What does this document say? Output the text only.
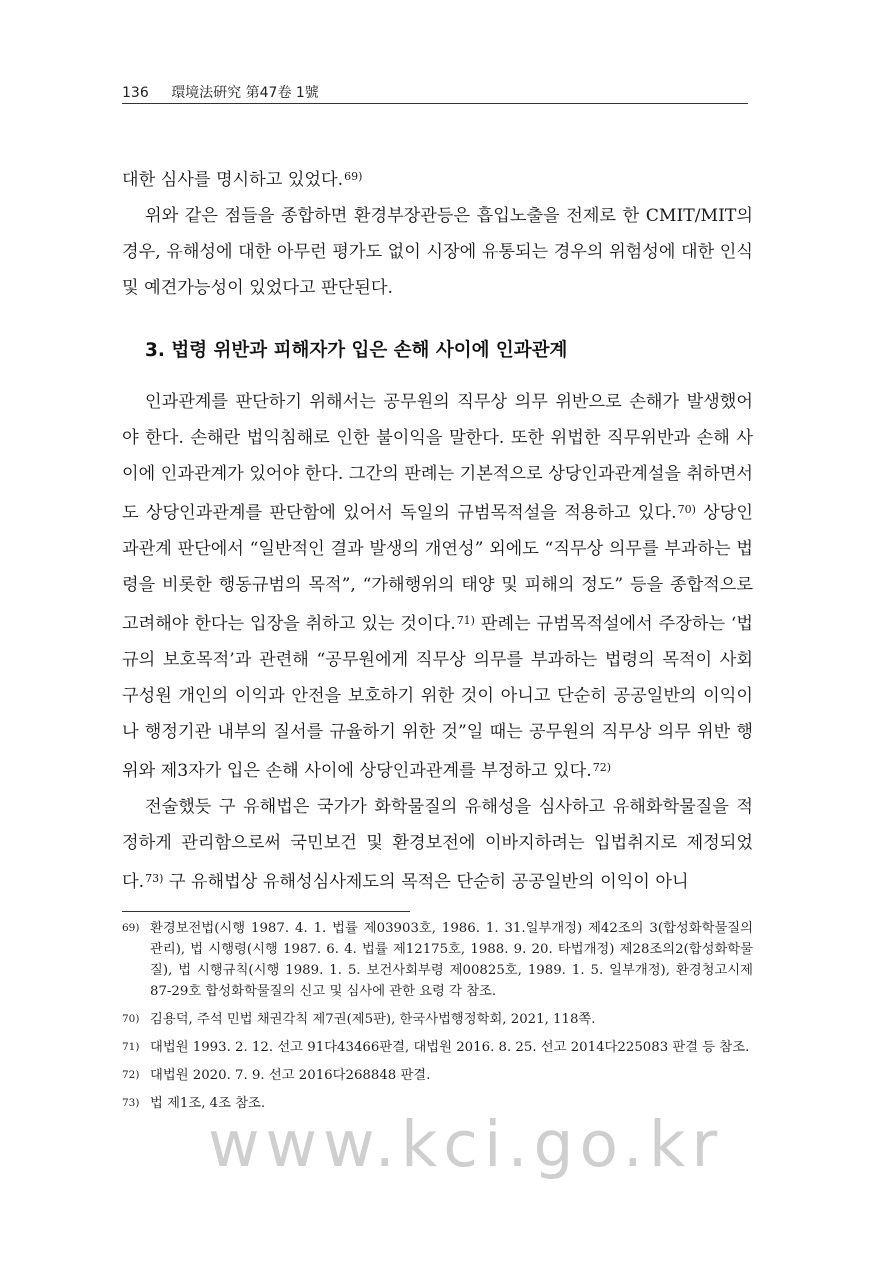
136 環境法硏究 第47卷 1號

대한 심사를 명시하고 있었다.$^{69)}$

위와 같은 점들을 종합하면 환경부장관등은 흡입노출을 전제로 한 CMIT/MIT의 경우, 유해성에 대한 아무런 평가도 없이 시장에 유통되는 경우의 위험성에 대한 인식 및 예견가능성이 있었다고 판단된다.

3. 법령 위반과 피해자가 입은 손해 사이에 인과관계

인과관계를 판단하기 위해서는 공무원의 직무상 의무 위반으로 손해가 발생했어야 한다. 손해란 법익침해로 인한 불이익을 말한다. 또한 위법한 직무위반과 손해 사이에 인과관계가 있어야 한다. 그간의 판례는 기본적으로 상당인과관계설을 취하면서도 상당인과관계를 판단함에 있어서 독일의 규범목적설을 적용하고 있다.$^{70)}$ 상당인과관계 판단에서 “일반적인 결과 발생의 개연성” 외에도 “직무상 의무를 부과하는 법령을 비롯한 행동규범의 목적”, “가해행위의 태양 및 피해의 정도” 등을 종합적으로 고려해야 한다는 입장을 취하고 있는 것이다.$^{71)}$ 판례는 규범목적설에서 주장하는 ‘법규의 보호목적’과 관련해 “공무원에게 직무상 의무를 부과하는 법령의 목적이 사회 구성원 개인의 이익과 안전을 보호하기 위한 것이 아니고 단순히 공공일반의 이익이나 행정기관 내부의 질서를 규율하기 위한 것”일 때는 공무원의 직무상 의무 위반 행위와 제3자가 입은 손해 사이에 상당인과관계를 부정하고 있다.$^{72)}$

전술했듯 구 유해법은 국가가 화학물질의 유해성을 심사하고 유해화학물질을 적정하게 관리함으로써 국민보건 및 환경보전에 이바지하려는 입법취지로 제정되었다.$^{73)}$ 구 유해법상 유해성심사제도의 목적은 단순히 공공일반의 이익이 아니

69) 환경보전법(시행 1987. 4. 1. 법률 제03903호, 1986. 1. 31.일부개정) 제42조의 3(합성화학물질의 관리), 법 시행령(시행 1987. 6. 4. 법률 제12175호, 1988. 9. 20. 타법개정) 제28조의2(합성화학물질), 법 시행규칙(시행 1989. 1. 5. 보건사회부령 제00825호, 1989. 1. 5. 일부개정), 환경청고시제 87-29호 합성화학물질의 신고 및 심사에 관한 요령 각 참조.
70) 김용덕, 주석 민법 채권각칙 제7권(제5판), 한국사법행정학회, 2021, 118쪽.
71) 대법원 1993. 2. 12. 선고 91다43466판결, 대법원 2016. 8. 25. 선고 2014다225083 판결 등 참조.
72) 대법원 2020. 7. 9. 선고 2016다268848 판결.
73) 법 제1조, 4조 참조.
www.kci.go.kr
